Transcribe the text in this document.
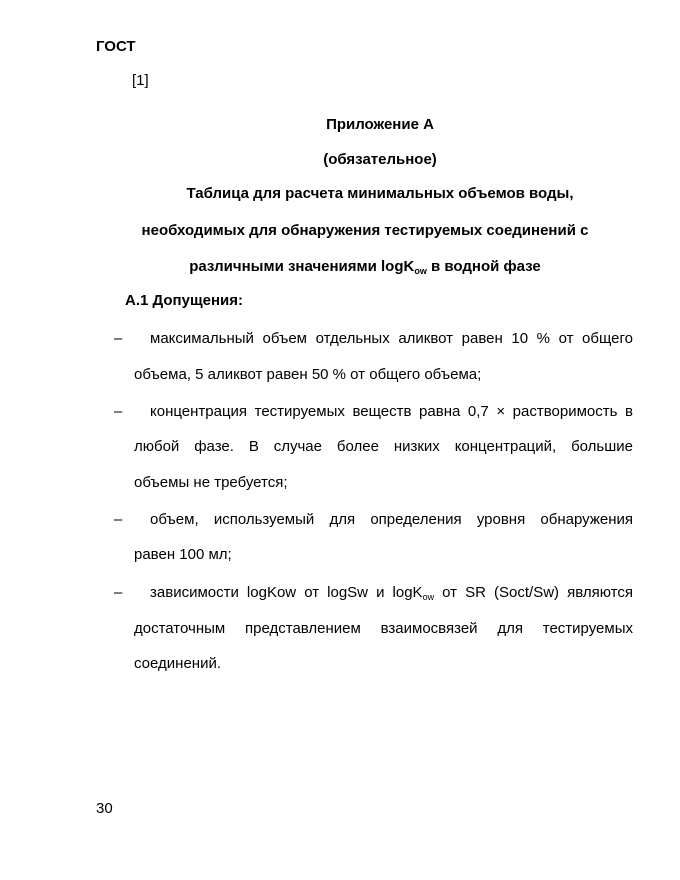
ГОСТ
[1]
Приложение А
(обязательное)
Таблица для расчета минимальных объемов воды,
необходимых для обнаружения тестируемых соединений с
различными значениями logK$_{ow}$ в водной фазе
А.1 Допущения:
– максимальный объем отдельных аликвот равен 10 % от общего
объема, 5 аликвот равен 50 % от общего объема;
– концентрация тестируемых веществ равна 0,7 × растворимость в
любой фазе. В случае более низких концентраций, большие
объемы не требуется;
– объем, используемый для определения уровня обнаружения
равен 100 мл;
– зависимости logKow от logSw и logK$_{ow}$ от SR (Soct/Sw) являются
достаточным представлением взаимосвязей для тестируемых
соединений.
30
